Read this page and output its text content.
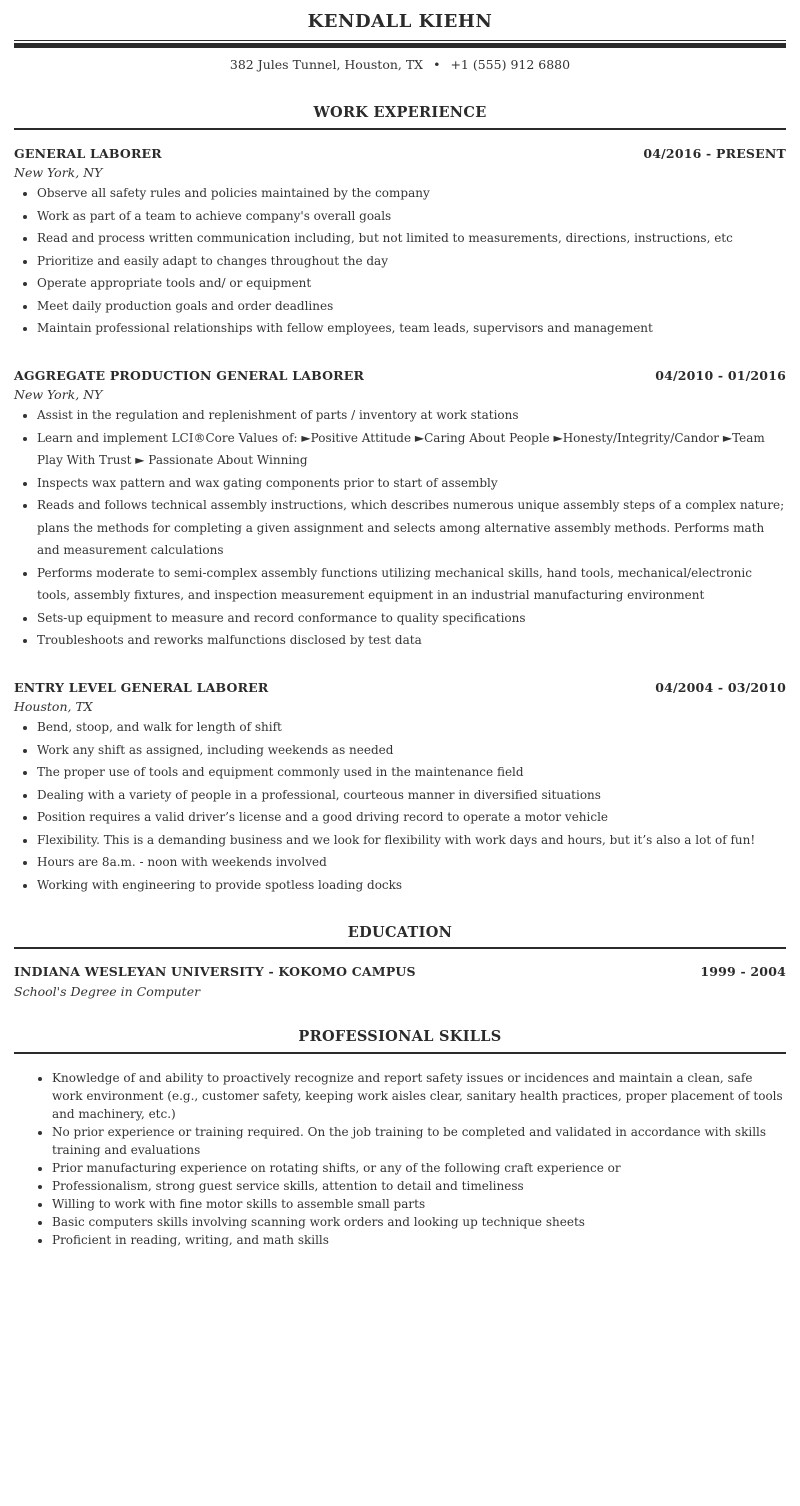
KENDALL KIEHN
382 Jules Tunnel, Houston, TX • +1 (555) 912 6880
WORK EXPERIENCE
GENERAL LABORER	04/2016 - PRESENT
New York, NY
• Observe all safety rules and policies maintained by the company
• Work as part of a team to achieve company's overall goals
• Read and process written communication including, but not limited to measurements, directions, instructions, etc
• Prioritize and easily adapt to changes throughout the day
• Operate appropriate tools and/ or equipment
• Meet daily production goals and order deadlines
• Maintain professional relationships with fellow employees, team leads, supervisors and management
AGGREGATE PRODUCTION GENERAL LABORER	04/2010 - 01/2016
New York, NY
• Assist in the regulation and replenishment of parts / inventory at work stations
• Learn and implement LCI®Core Values of: ►Positive Attitude ►Caring About People ►Honesty/Integrity/Candor ►Team Play With Trust ► Passionate About Winning
• Inspects wax pattern and wax gating components prior to start of assembly
• Reads and follows technical assembly instructions, which describes numerous unique assembly steps of a complex nature; plans the methods for completing a given assignment and selects among alternative assembly methods. Performs math and measurement calculations
• Performs moderate to semi-complex assembly functions utilizing mechanical skills, hand tools, mechanical/electronic tools, assembly fixtures, and inspection measurement equipment in an industrial manufacturing environment
• Sets-up equipment to measure and record conformance to quality specifications
• Troubleshoots and reworks malfunctions disclosed by test data
ENTRY LEVEL GENERAL LABORER	04/2004 - 03/2010
Houston, TX
• Bend, stoop, and walk for length of shift
• Work any shift as assigned, including weekends as needed
• The proper use of tools and equipment commonly used in the maintenance field
• Dealing with a variety of people in a professional, courteous manner in diversified situations
• Position requires a valid driver’s license and a good driving record to operate a motor vehicle
• Flexibility. This is a demanding business and we look for flexibility with work days and hours, but it’s also a lot of fun!
• Hours are 8a.m. - noon with weekends involved
• Working with engineering to provide spotless loading docks
EDUCATION
INDIANA WESLEYAN UNIVERSITY - KOKOMO CAMPUS	1999 - 2004
School's Degree in Computer
PROFESSIONAL SKILLS
• Knowledge of and ability to proactively recognize and report safety issues or incidences and maintain a clean, safe work environment (e.g., customer safety, keeping work aisles clear, sanitary health practices, proper placement of tools and machinery, etc.)
• No prior experience or training required. On the job training to be completed and validated in accordance with skills training and evaluations
• Prior manufacturing experience on rotating shifts, or any of the following craft experience or
• Professionalism, strong guest service skills, attention to detail and timeliness
• Willing to work with fine motor skills to assemble small parts
• Basic computers skills involving scanning work orders and looking up technique sheets
• Proficient in reading, writing, and math skills
